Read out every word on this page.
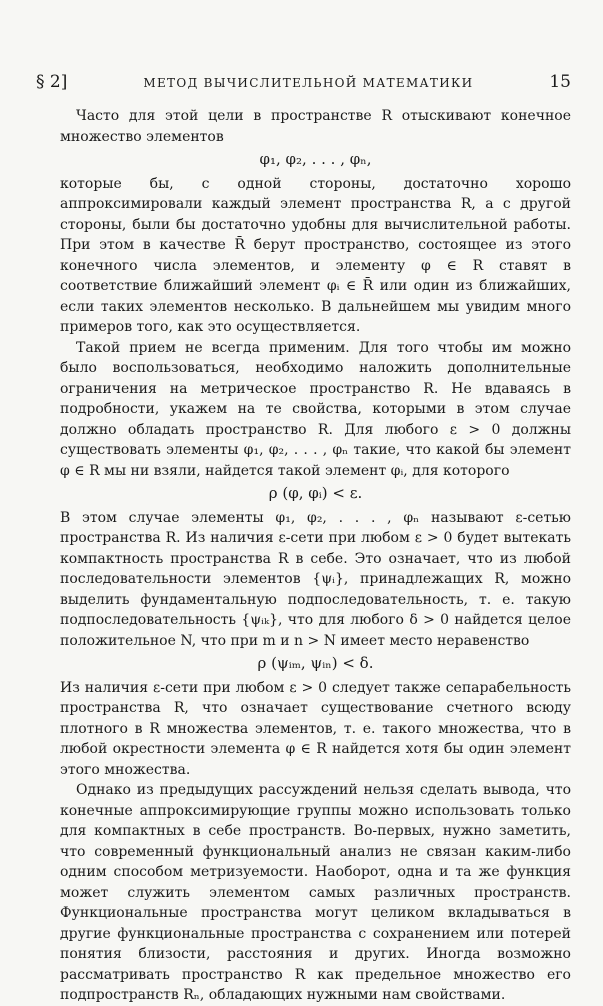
§ 2]	МЕТОД ВЫЧИСЛИТЕЛЬНОЙ МАТЕМАТИКИ	15

Часто для этой цели в пространстве R отыскивают конечное множество элементов

φ₁, φ₂, . . . , φₙ,

которые бы, с одной стороны, достаточно хорошо аппроксимировали каждый элемент пространства R, а с другой стороны, были бы достаточно удобны для вычислительной работы. При этом в качестве R̄ берут пространство, состоящее из этого конечного числа элементов, и элементу φ ∈ R ставят в соответствие ближайший элемент φᵢ ∈ R̄ или один из ближайших, если таких элементов несколько. В дальнейшем мы увидим много примеров того, как это осуществляется.

Такой прием не всегда применим. Для того чтобы им можно было воспользоваться, необходимо наложить дополнительные ограничения на метрическое пространство R. Не вдаваясь в подробности, укажем на те свойства, которыми в этом случае должно обладать пространство R. Для любого ε > 0 должны существовать элементы φ₁, φ₂, . . . , φₙ такие, что какой бы элемент φ ∈ R мы ни взяли, найдется такой элемент φᵢ, для которого

ρ (φ, φᵢ) < ε.

В этом случае элементы φ₁, φ₂, . . . , φₙ называют ε-сетью пространства R. Из наличия ε-сети при любом ε > 0 будет вытекать компактность пространства R в себе. Это означает, что из любой последовательности элементов {ψᵢ}, принадлежащих R, можно выделить фундаментальную подпоследовательность, т. е. такую подпоследовательность {ψᵢₖ}, что для любого δ > 0 найдется целое положительное N, что при m и n > N имеет место неравенство

ρ (ψᵢₘ, ψᵢₙ) < δ.

Из наличия ε-сети при любом ε > 0 следует также сепарабельность пространства R, что означает существование счетного всюду плотного в R множества элементов, т. е. такого множества, что в любой окрестности элемента φ ∈ R найдется хотя бы один элемент этого множества.

Однако из предыдущих рассуждений нельзя сделать вывода, что конечные аппроксимирующие группы можно использовать только для компактных в себе пространств. Во-первых, нужно заметить, что современный функциональный анализ не связан каким-либо одним способом метризуемости. Наоборот, одна и та же функция может служить элементом самых различных пространств. Функциональные пространства могут целиком вкладываться в другие функциональные пространства с сохранением или потерей понятия близости, расстояния и других. Иногда возможно рассматривать пространство R как предельное множество его подпространств Rₙ, обладающих нужными нам свойствами.
